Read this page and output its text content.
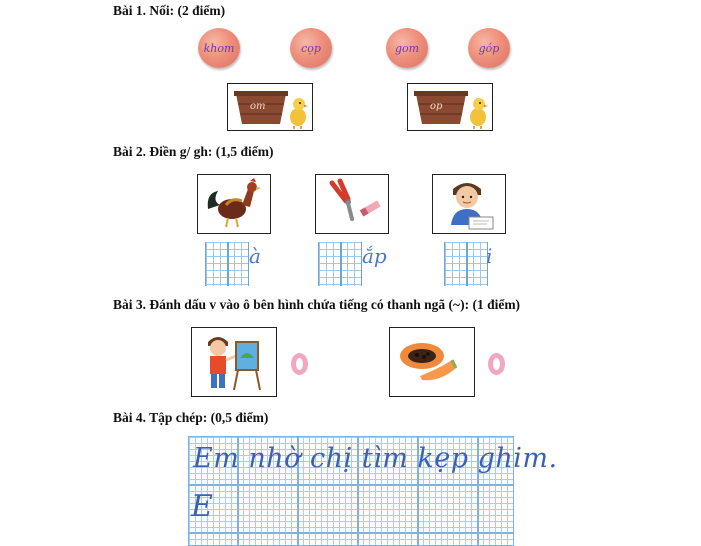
Bài 1. Nối: (2 điểm)
khom	cọp	gom	góp
om	op
Bài 2. Điền g/ gh: (1,5 điểm)
à	ắp	i
Bài 3. Đánh dấu v vào ô bên hình chứa tiếng có thanh ngã (~): (1 điểm)
Bài 4. Tập chép: (0,5 điểm)
Em nhờ chị tìm kẹp ghim.
E
